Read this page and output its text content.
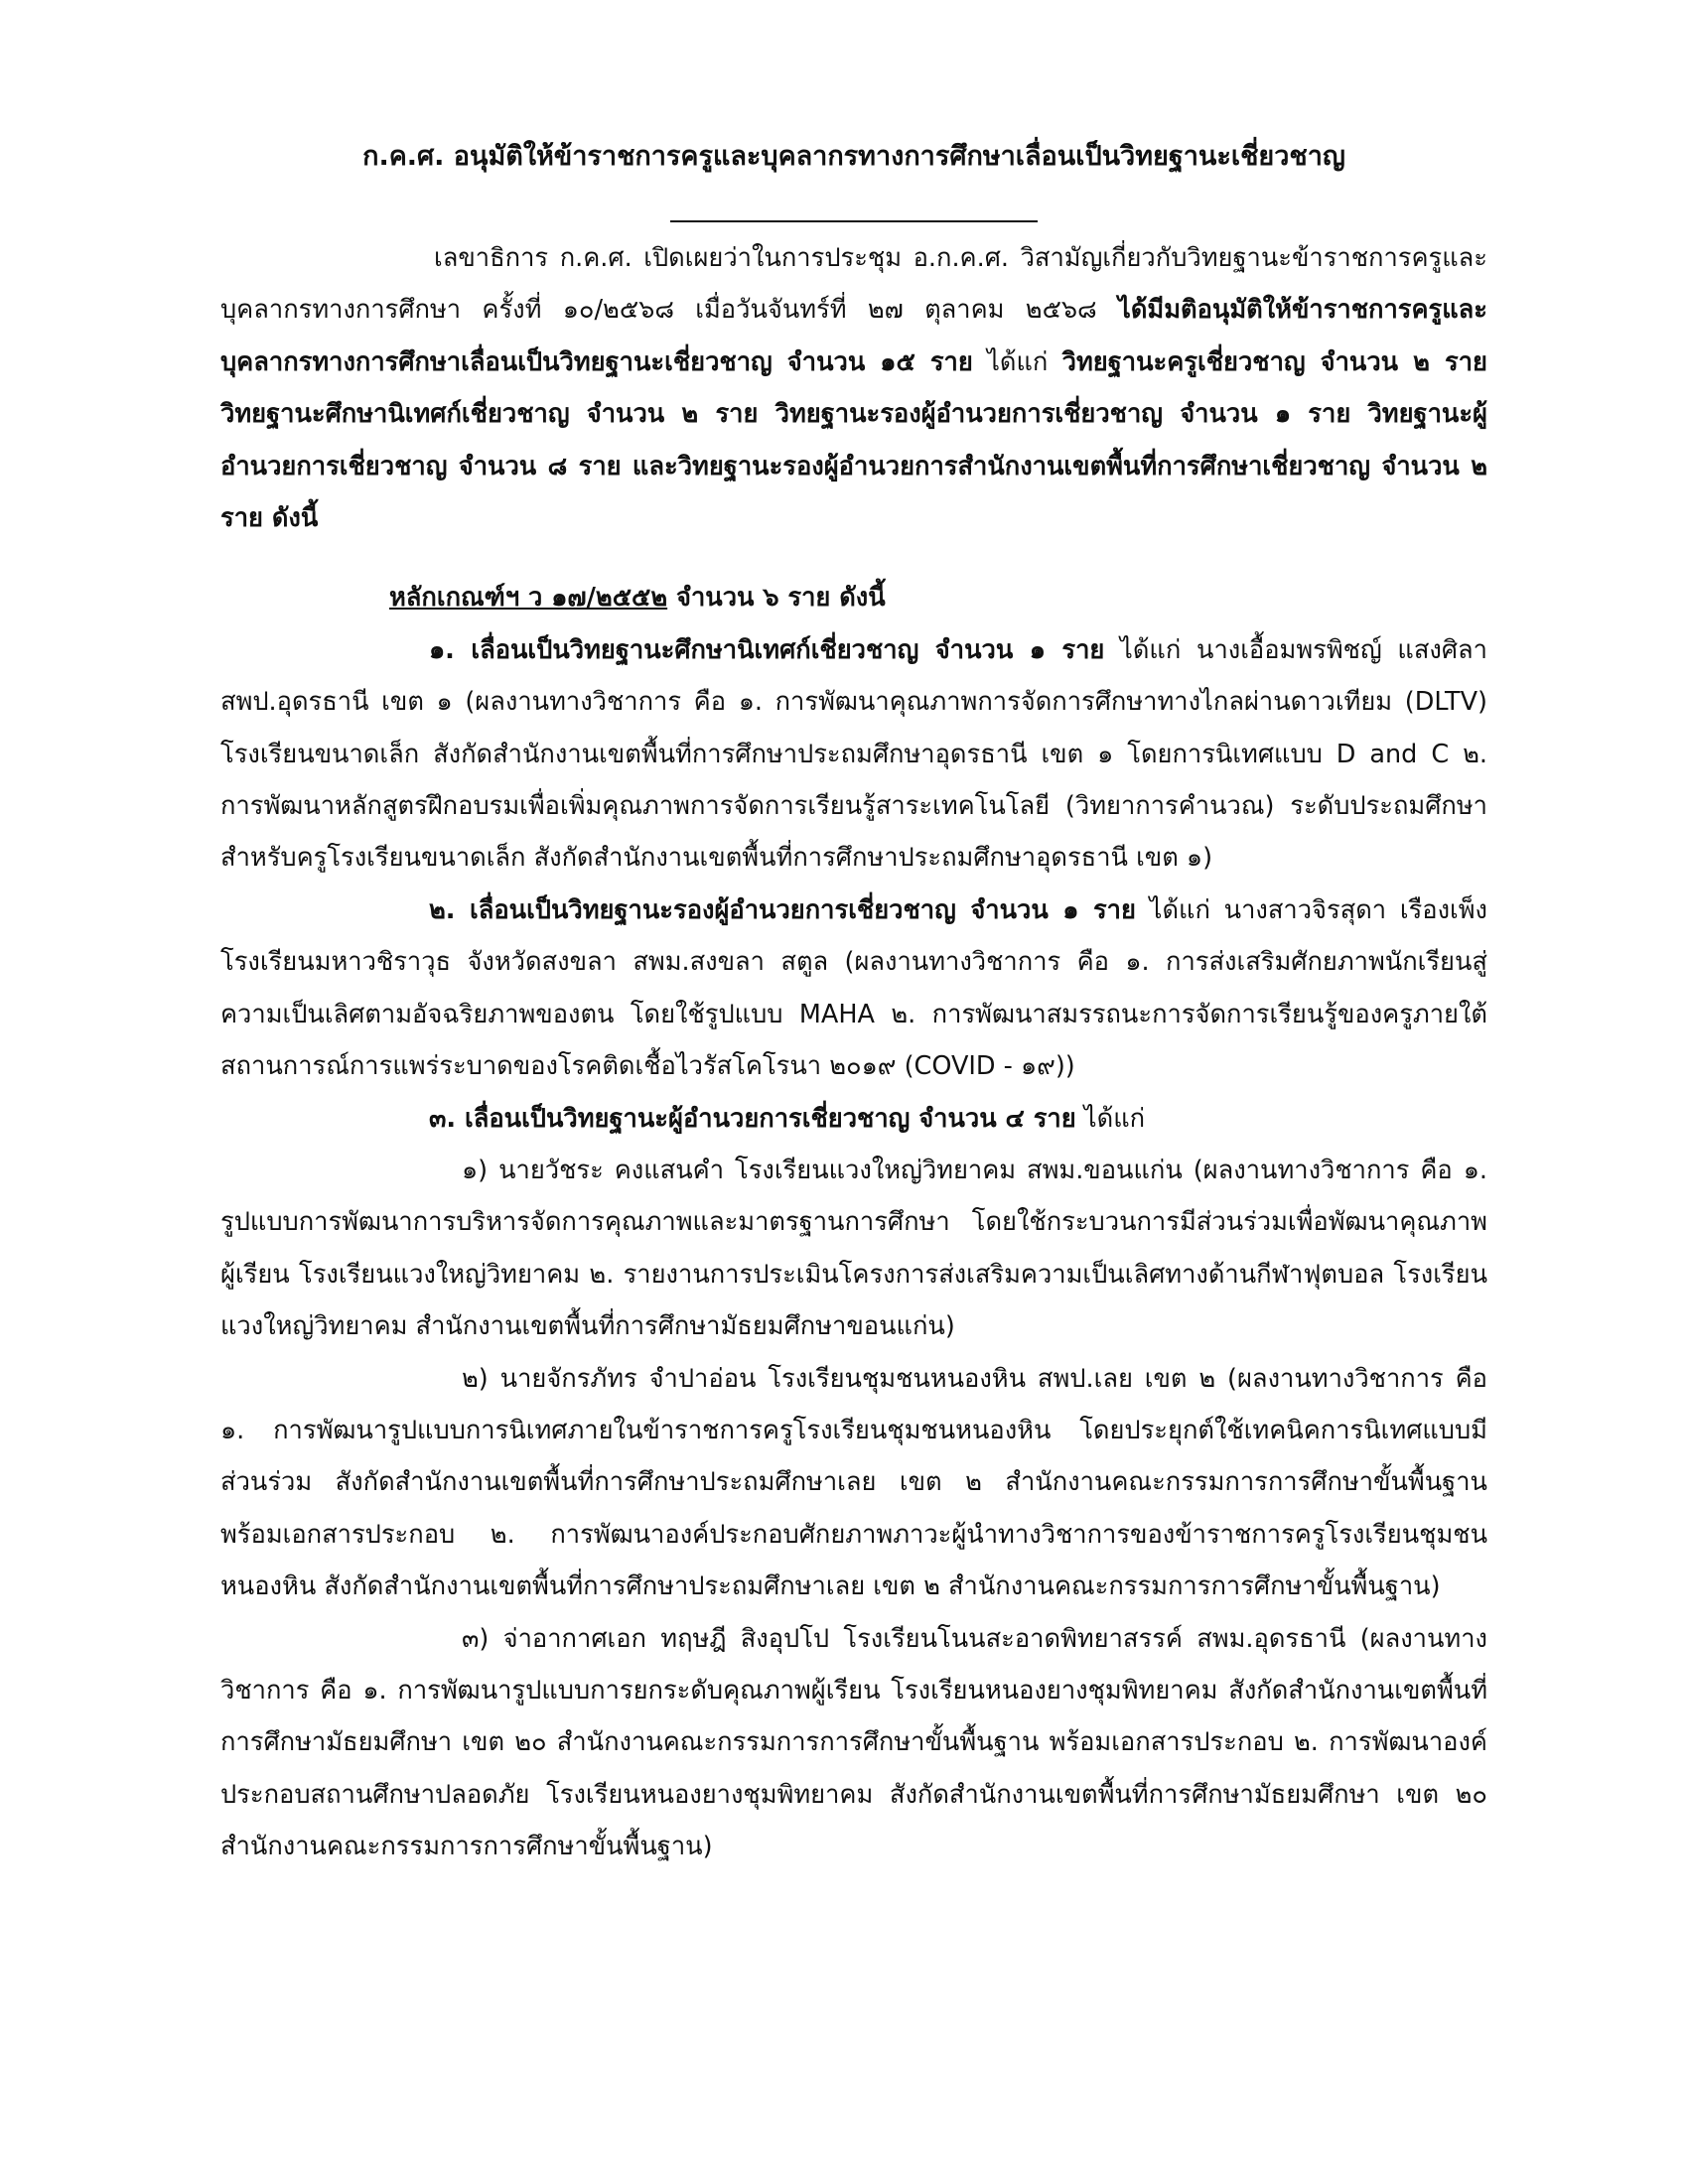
ก.ค.ศ. อนุมัติให้ข้าราชการครูและบุคลากรทางการศึกษาเลื่อนเป็นวิทยฐานะเชี่ยวชาญ

เลขาธิการ ก.ค.ศ. เปิดเผยว่าในการประชุม อ.ก.ค.ศ. วิสามัญเกี่ยวกับวิทยฐานะข้าราชการครูและบุคลากรทางการศึกษา ครั้งที่ ๑๐/๒๕๖๘ เมื่อวันจันทร์ที่ ๒๗ ตุลาคม ๒๕๖๘ ได้มีมติอนุมัติให้ข้าราชการครูและบุคลากรทางการศึกษาเลื่อนเป็นวิทยฐานะเชี่ยวชาญ จำนวน ๑๕ ราย ได้แก่ วิทยฐานะครูเชี่ยวชาญ จำนวน ๒ ราย วิทยฐานะศึกษานิเทศก์เชี่ยวชาญ จำนวน ๒ ราย วิทยฐานะรองผู้อำนวยการเชี่ยวชาญ จำนวน ๑ ราย วิทยฐานะผู้อำนวยการเชี่ยวชาญ จำนวน ๘ ราย และวิทยฐานะรองผู้อำนวยการสำนักงานเขตพื้นที่การศึกษาเชี่ยวชาญ จำนวน ๒ ราย ดังนี้

หลักเกณฑ์ฯ ว ๑๗/๒๕๕๒ จำนวน ๖ ราย ดังนี้

๑. เลื่อนเป็นวิทยฐานะศึกษานิเทศก์เชี่ยวชาญ จำนวน ๑ ราย ได้แก่ นางเอื้อมพรพิชญ์ แสงศิลา สพป.อุดรธานี เขต ๑ (ผลงานทางวิชาการ คือ ๑. การพัฒนาคุณภาพการจัดการศึกษาทางไกลผ่านดาวเทียม (DLTV) โรงเรียนขนาดเล็ก สังกัดสำนักงานเขตพื้นที่การศึกษาประถมศึกษาอุดรธานี เขต ๑ โดยการนิเทศแบบ D and C ๒. การพัฒนาหลักสูตรฝึกอบรมเพื่อเพิ่มคุณภาพการจัดการเรียนรู้สาระเทคโนโลยี (วิทยาการคำนวณ) ระดับประถมศึกษา สำหรับครูโรงเรียนขนาดเล็ก สังกัดสำนักงานเขตพื้นที่การศึกษาประถมศึกษาอุดรธานี เขต ๑)

๒. เลื่อนเป็นวิทยฐานะรองผู้อำนวยการเชี่ยวชาญ จำนวน ๑ ราย ได้แก่ นางสาวจิรสุดา เรืองเพ็งโรงเรียนมหาวชิราวุธ จังหวัดสงขลา สพม.สงขลา สตูล (ผลงานทางวิชาการ คือ ๑. การส่งเสริมศักยภาพนักเรียนสู่ความเป็นเลิศตามอัจฉริยภาพของตน โดยใช้รูปแบบ MAHA ๒. การพัฒนาสมรรถนะการจัดการเรียนรู้ของครูภายใต้สถานการณ์การแพร่ระบาดของโรคติดเชื้อไวรัสโคโรนา ๒๐๑๙ (COVID - ๑๙))

๓. เลื่อนเป็นวิทยฐานะผู้อำนวยการเชี่ยวชาญ จำนวน ๔ ราย ได้แก่

๑) นายวัชระ คงแสนคำ โรงเรียนแวงใหญ่วิทยาคม สพม.ขอนแก่น (ผลงานทางวิชาการ คือ ๑. รูปแบบการพัฒนาการบริหารจัดการคุณภาพและมาตรฐานการศึกษา โดยใช้กระบวนการมีส่วนร่วมเพื่อพัฒนาคุณภาพผู้เรียน โรงเรียนแวงใหญ่วิทยาคม ๒. รายงานการประเมินโครงการส่งเสริมความเป็นเลิศทางด้านกีฬาฟุตบอล โรงเรียนแวงใหญ่วิทยาคม สำนักงานเขตพื้นที่การศึกษามัธยมศึกษาขอนแก่น)

๒) นายจักรภัทร จำปาอ่อน โรงเรียนชุมชนหนองหิน สพป.เลย เขต ๒ (ผลงานทางวิชาการ คือ ๑. การพัฒนารูปแบบการนิเทศภายในข้าราชการครูโรงเรียนชุมชนหนองหิน โดยประยุกต์ใช้เทคนิคการนิเทศแบบมีส่วนร่วม สังกัดสำนักงานเขตพื้นที่การศึกษาประถมศึกษาเลย เขต ๒ สำนักงานคณะกรรมการการศึกษาขั้นพื้นฐานพร้อมเอกสารประกอบ ๒. การพัฒนาองค์ประกอบศักยภาพภาวะผู้นำทางวิชาการของข้าราชการครูโรงเรียนชุมชนหนองหิน สังกัดสำนักงานเขตพื้นที่การศึกษาประถมศึกษาเลย เขต ๒ สำนักงานคณะกรรมการการศึกษาขั้นพื้นฐาน)

๓) จ่าอากาศเอก ทฤษฎี สิงอุปโป โรงเรียนโนนสะอาดพิทยาสรรค์ สพม.อุดรธานี (ผลงานทางวิชาการ คือ ๑. การพัฒนารูปแบบการยกระดับคุณภาพผู้เรียน โรงเรียนหนองยางชุมพิทยาคม สังกัดสำนักงานเขตพื้นที่การศึกษามัธยมศึกษา เขต ๒๐ สำนักงานคณะกรรมการการศึกษาขั้นพื้นฐาน พร้อมเอกสารประกอบ ๒. การพัฒนาองค์ประกอบสถานศึกษาปลอดภัย โรงเรียนหนองยางชุมพิทยาคม สังกัดสำนักงานเขตพื้นที่การศึกษามัธยมศึกษา เขต ๒๐ สำนักงานคณะกรรมการการศึกษาขั้นพื้นฐาน)
